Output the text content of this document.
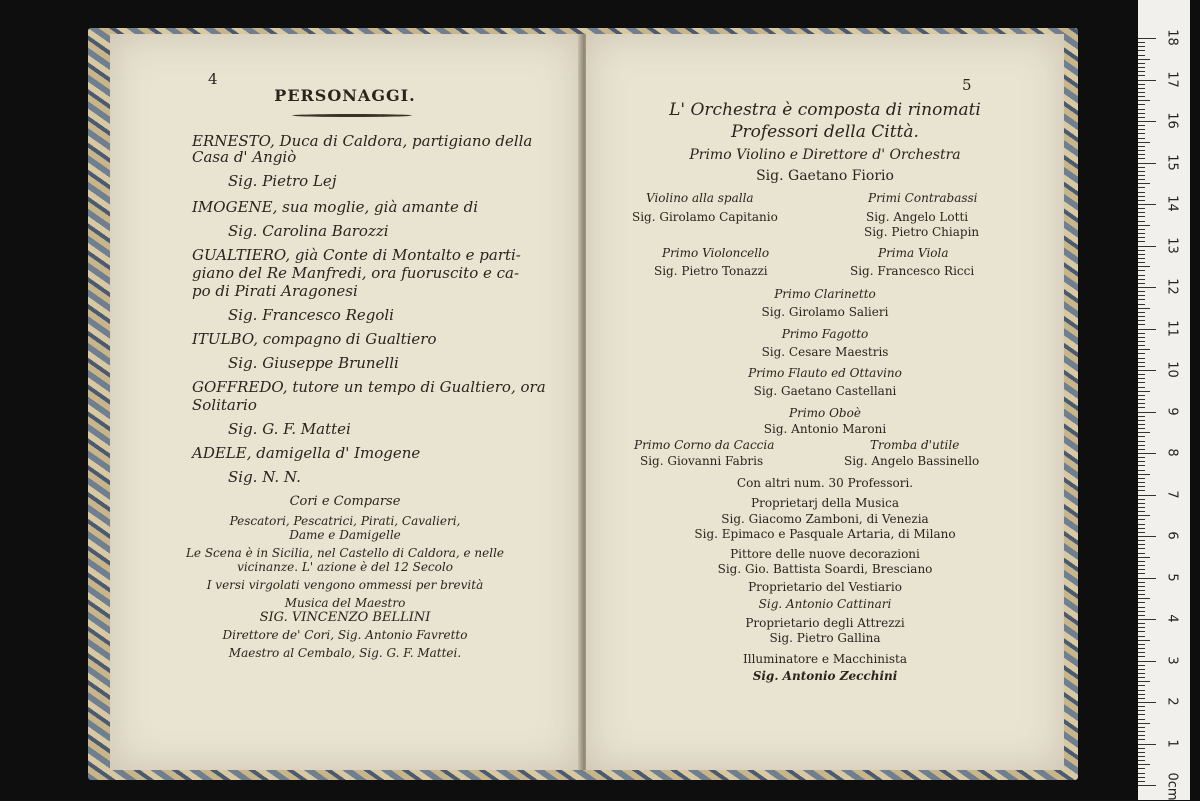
4
PERSONAGGI.
ERNESTO, Duca di Caldora, partigiano della
Casa d' Angiò
Sig. Pietro Lej
IMOGENE, sua moglie, già amante di
Sig. Carolina Barozzi
GUALTIERO, già Conte di Montalto e parti-
giano del Re Manfredi, ora fuoruscito e ca-
po di Pirati Aragonesi
Sig. Francesco Regoli
ITULBO, compagno di Gualtiero
Sig. Giuseppe Brunelli
GOFFREDO, tutore un tempo di Gualtiero, ora
Solitario
Sig. G. F. Mattei
ADELE, damigella d' Imogene
Sig. N. N.
Cori e Comparse
Pescatori, Pescatrici, Pirati, Cavalieri,
Dame e Damigelle
Le Scena è in Sicilia, nel Castello di Caldora, e nelle
vicinanze. L' azione è del 12 Secolo
I versi virgolati vengono ommessi per brevità
Musica del Maestro
SIG. VINCENZO BELLINI
Direttore de' Cori, Sig. Antonio Favretto
Maestro al Cembalo, Sig. G. F. Mattei.
5
L' Orchestra è composta di rinomati
Professori della Città.
Primo Violino e Direttore d' Orchestra
Sig. Gaetano Fiorio
Violino alla spalla
Sig. Girolamo Capitanio
Primi Contrabassi
Sig. Angelo Lotti
Sig. Pietro Chiapin
Primo Violoncello
Sig. Pietro Tonazzi
Prima Viola
Sig. Francesco Ricci
Primo Clarinetto
Sig. Girolamo Salieri
Primo Fagotto
Sig. Cesare Maestris
Primo Flauto ed Ottavino
Sig. Gaetano Castellani
Primo Oboè
Sig. Antonio Maroni
Primo Corno da Caccia
Sig. Giovanni Fabris
Tromba d'utile
Sig. Angelo Bassinello
Con altri num. 30 Professori.
Proprietarj della Musica
Sig. Giacomo Zamboni, di Venezia
Sig. Epimaco e Pasquale Artaria, di Milano
Pittore delle nuove decorazioni
Sig. Gio. Battista Soardi, Bresciano
Proprietario del Vestiario
Sig. Antonio Cattinari
Proprietario degli Attrezzi
Sig. Pietro Gallina
Illuminatore e Macchinista
Sig. Antonio Zecchini
18
17
16
15
14
13
12
11
10
9
8
7
6
5
4
3
2
1
0cm
